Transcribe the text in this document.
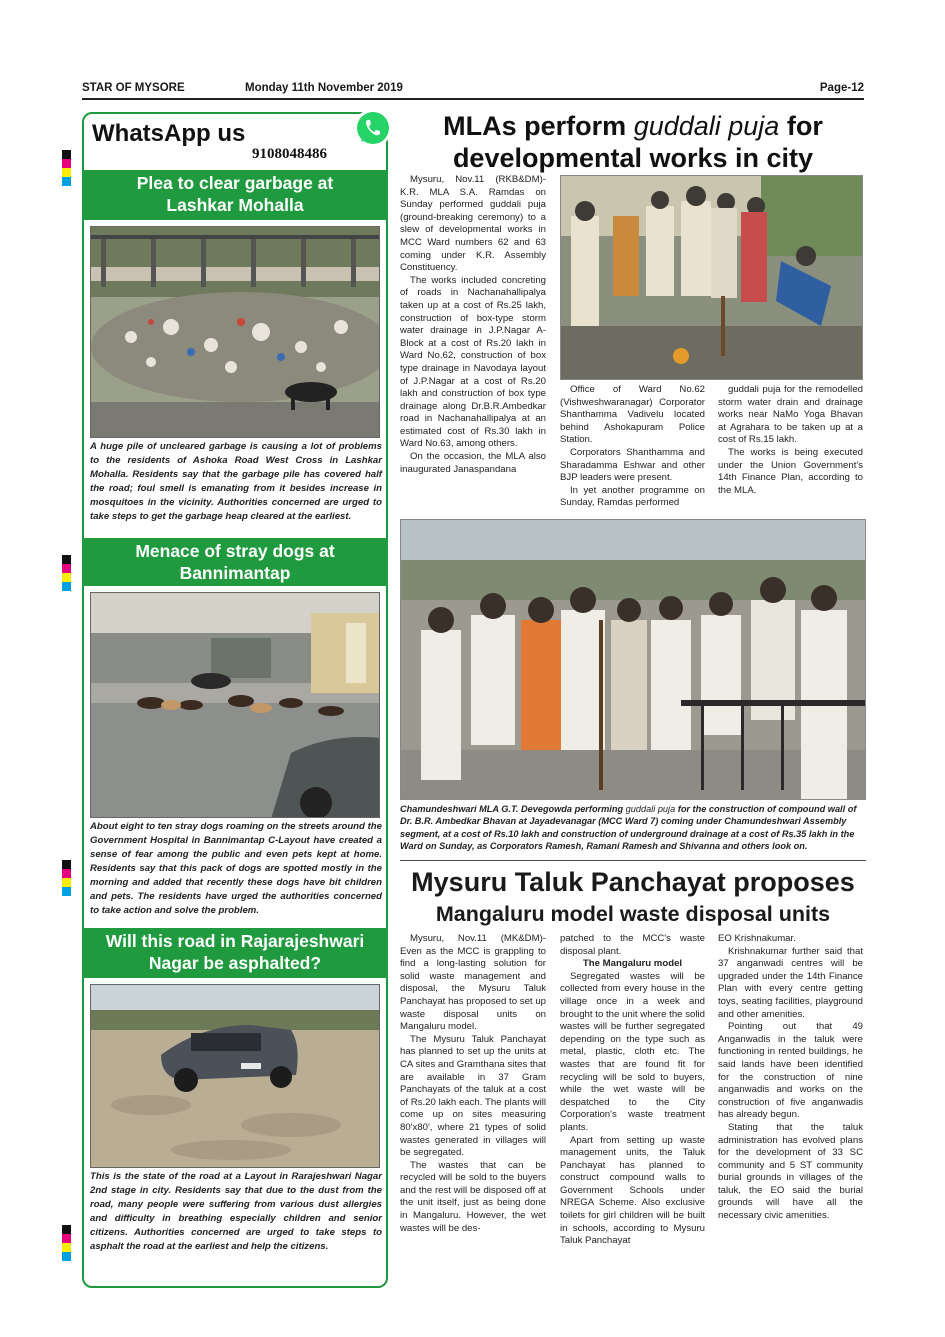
STAR OF MYSORE	Monday 11th November 2019	Page-12
WhatsApp us
9108048486
Plea to clear garbage at
Lashkar Mohalla
A huge pile of uncleared garbage is causing a lot of problems to the residents of Ashoka Road West Cross in Lashkar Mohalla. Residents say that the garbage pile has covered half the road; foul smell is emanating from it besides increase in mosquitoes in the vicinity. Authorities concerned are urged to take steps to get the garbage heap cleared at the earliest.
Menace of stray dogs at
Bannimantap
About eight to ten stray dogs roaming on the streets around the Government Hospital in Bannimantap C-Layout have created a sense of fear among the public and even pets kept at home. Residents say that this pack of dogs are spotted mostly in the morning and added that recently these dogs have bit children and pets. The residents have urged the authorities concerned to take action and solve the problem.
Will this road in Rajarajeshwari
Nagar be asphalted?
This is the state of the road at a Layout in Rarajeshwari Nagar 2nd stage in city. Residents say that due to the dust from the road, many people were suffering from various dust allergies and difficulty in breathing especially children and senior citizens. Authorities concerned are urged to take steps to asphalt the road at the earliest and help the citizens.
MLAs perform guddali puja for
developmental works in city

Mysuru, Nov.11 (RKB&DM)- K.R. MLA S.A. Ramdas on Sunday performed guddali puja (ground-breaking ceremony) to a slew of developmental works in MCC Ward numbers 62 and 63 coming under K.R. Assembly Constituency.

The works included concreting of roads in Nachanahallipalya taken up at a cost of Rs.25 lakh, construction of box-type storm water drainage in J.P.Nagar A-Block at a cost of Rs.20 lakh in Ward No.62, construction of box type drainage in Navodaya layout of J.P.Nagar at a cost of Rs.20 lakh and construction of box type drainage along Dr.B.R.Ambedkar road in Nachanahallipalya at an estimated cost of Rs.30 lakh in Ward No.63, among others.

On the occasion, the MLA also inaugurated Janaspandana

Office of Ward No.62 (Vishweshwaranagar) Corporator Shanthamma Vadivelu located behind Ashokapuram Police Station.

Corporators Shanthamma and Sharadamma Eshwar and other BJP leaders were present.

In yet another programme on Sunday, Ramdas performed

guddali puja for the remodelled storm water drain and drainage works near NaMo Yoga Bhavan at Agrahara to be taken up at a cost of Rs.15 lakh.

The works is being executed under the Union Government's 14th Finance Plan, according to the MLA.

Chamundeshwari MLA G.T. Devegowda performing guddali puja for the construction of compound wall of Dr. B.R. Ambedkar Bhavan at Jayadevanagar (MCC Ward 7) coming under Chamundeshwari Assembly segment, at a cost of Rs.10 lakh and construction of underground drainage at a cost of Rs.35 lakh in the Ward on Sunday, as Corporators Ramesh, Ramani Ramesh and Shivanna and others look on.
Mysuru Taluk Panchayat proposes
Mangaluru model waste disposal units

Mysuru, Nov.11 (MK&DM)- Even as the MCC is grappling to find a long-lasting solution for solid waste management and disposal, the Mysuru Taluk Panchayat has proposed to set up waste disposal units on Mangaluru model.

The Mysuru Taluk Panchayat has planned to set up the units at CA sites and Gramthana sites that are available in 37 Gram Panchayats of the taluk at a cost of Rs.20 lakh each. The plants will come up on sites measuring 80'x80', where 21 types of solid wastes generated in villages will be segregated.

The wastes that can be recycled will be sold to the buyers and the rest will be disposed off at the unit itself, just as being done in Mangaluru. However, the wet wastes will be des-

patched to the MCC's waste disposal plant.

The Mangaluru model

Segregated wastes will be collected from every house in the village once in a week and brought to the unit where the solid wastes will be further segregated depending on the type such as metal, plastic, cloth etc. The wastes that are found fit for recycling will be sold to buyers, while the wet waste will be despatched to the City Corporation's waste treatment plants.

Apart from setting up waste management units, the Taluk Panchayat has planned to construct compound walls to Government Schools under NREGA Scheme. Also exclusive toilets for girl children will be built in schools, according to Mysuru Taluk Panchayat

EO Krishnakumar.

Krishnakumar further said that 37 anganwadi centres will be upgraded under the 14th Finance Plan with every centre getting toys, seating facilities, playground and other amenities.

Pointing out that 49 Anganwadis in the taluk were functioning in rented buildings, he said lands have been identified for the construction of nine anganwadis and works on the construction of five anganwadis has already begun.

Stating that the taluk administration has evolved plans for the development of 33 SC community and 5 ST community burial grounds in villages of the taluk, the EO said the burial grounds will have all the necessary civic amenities.
